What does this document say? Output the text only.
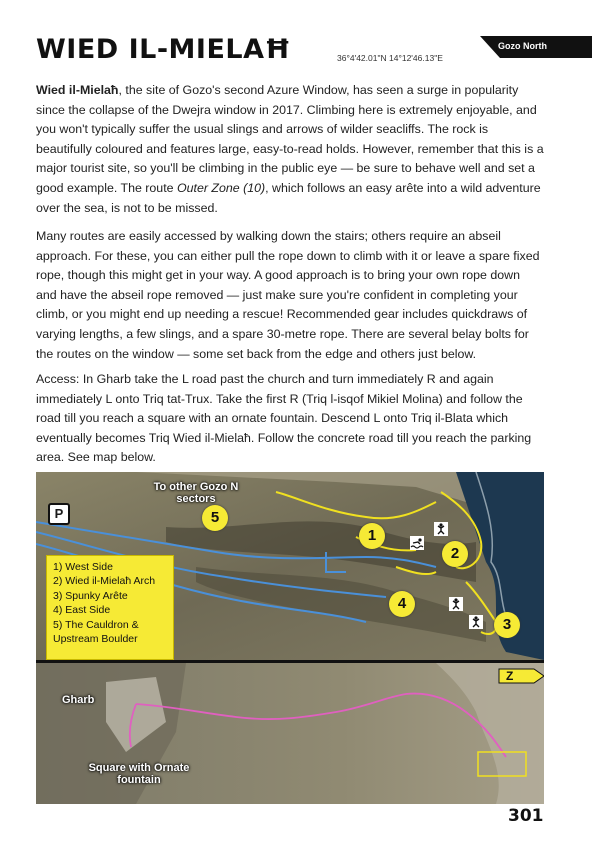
WIED IL-MIELAĦ	36°4'42.01"N 14°12'46.13"E
Gozo North

Wied il-Mielaħ, the site of Gozo's second Azure Window, has seen a surge in popularity since the collapse of the Dwejra window in 2017. Climbing here is extremely enjoyable, and you won't typically suffer the usual slings and arrows of wilder seacliffs. The rock is beautifully coloured and features large, easy-to-read holds. However, remember that this is a major tourist site, so you'll be climbing in the public eye — be sure to behave well and set a good example. The route Outer Zone (10), which follows an easy arête into a wild adventure over the sea, is not to be missed.

Many routes are easily accessed by walking down the stairs; others require an abseil approach. For these, you can either pull the rope down to climb with it or leave a spare fixed rope, though this might get in your way. A good approach is to bring your own rope down and have the abseil rope removed — just make sure you're confident in completing your climb, or you might end up needing a rescue! Recommended gear includes quickdraws of varying lengths, a few slings, and a spare 30-metre rope. There are several belay bolts for the routes on the window — some set back from the edge and others just below.

Access: In Gharb take the L road past the church and turn immediately R and again immediately L onto Triq tat-Trux. Take the first R (Triq l-isqof Mikiel Molina) and follow the road till you reach a square with an ornate fountain. Descend L onto Triq il-Blata which eventually becomes Triq Wied il-Mielaħ. Follow the concrete road till you reach the parking area. See map below.

P
To other Gozo N sectors
Gharb
Square with Ornate fountain
Z
5
1
2
4
3
1) West Side
2) Wied il-Mielaħ Arch
3) Spunky Arête
4) East Side
5) The Cauldron &
Upstream Boulder
301
